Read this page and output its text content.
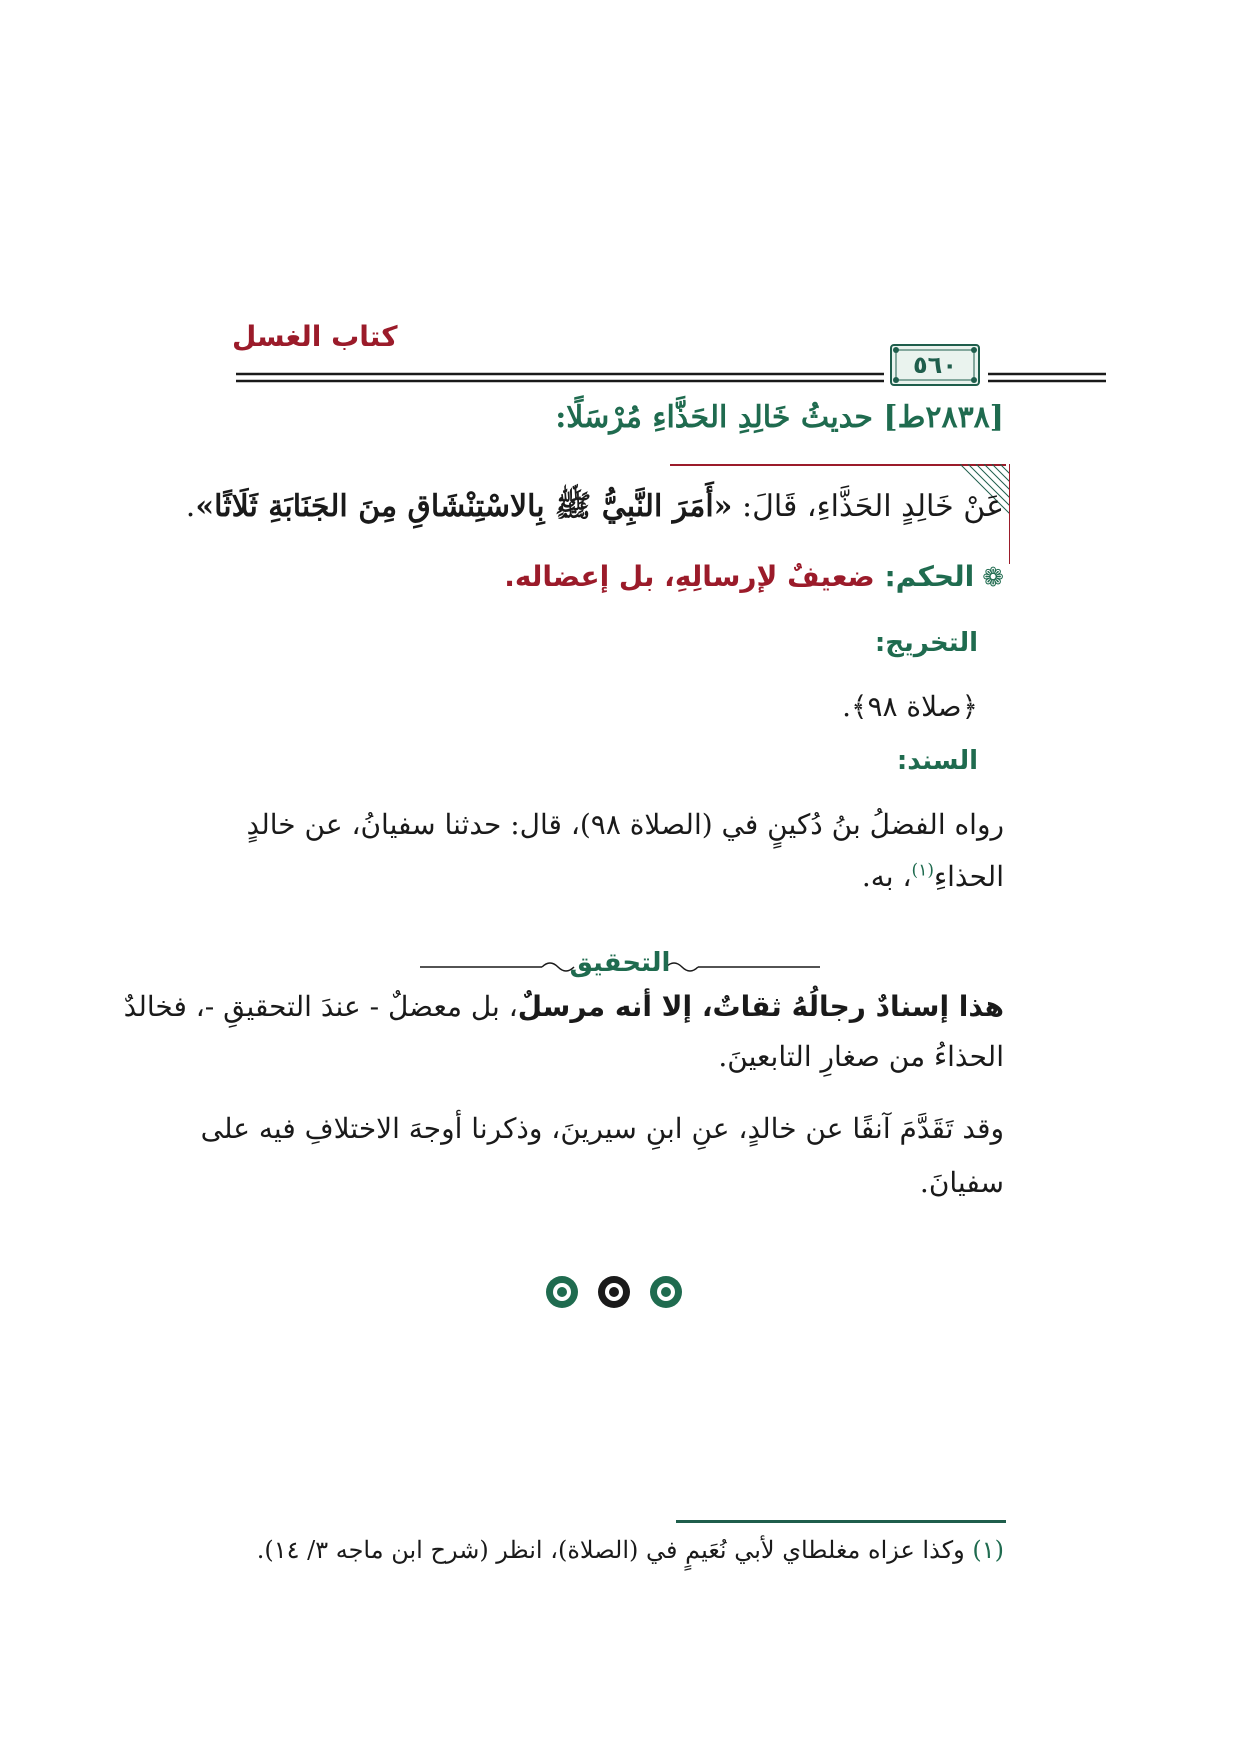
كتاب الغسل
٥٦٠
[٢٨٣٨ط] حديثُ خَالِدِ الحَذَّاءِ مُرْسَلًا:
عَنْ خَالِدٍ الحَذَّاءِ، قَالَ: «أَمَرَ النَّبِيُّ ﷺ بِالاسْتِنْشَاقِ مِنَ الجَنَابَةِ ثَلَاثًا».
❁الحكم: ضعيفٌ لإرسالِهِ، بل إعضاله.
التخريج:
﴿صلاة ٩٨﴾.
السند:
رواه الفضلُ بنُ دُكينٍ في (الصلاة ٩٨)، قال: حدثنا سفيانُ، عن خالدٍ
الحذاءِ$^{(١)}$، به.
التحقيق
هذا إسنادٌ رجالُهُ ثقاتٌ، إلا أنه مرسلٌ، بل معضلٌ - عندَ التحقيقِ -، فخالدٌ
الحذاءُ من صغارِ التابعينَ.
وقد تَقَدَّمَ آنفًا عن خالدٍ، عنِ ابنِ سيرينَ، وذكرنا أوجهَ الاختلافِ فيه على
سفيانَ.
(١) وكذا عزاه مغلطاي لأبي نُعَيمٍ في (الصلاة)، انظر (شرح ابن ماجه ٣/ ١٤).
